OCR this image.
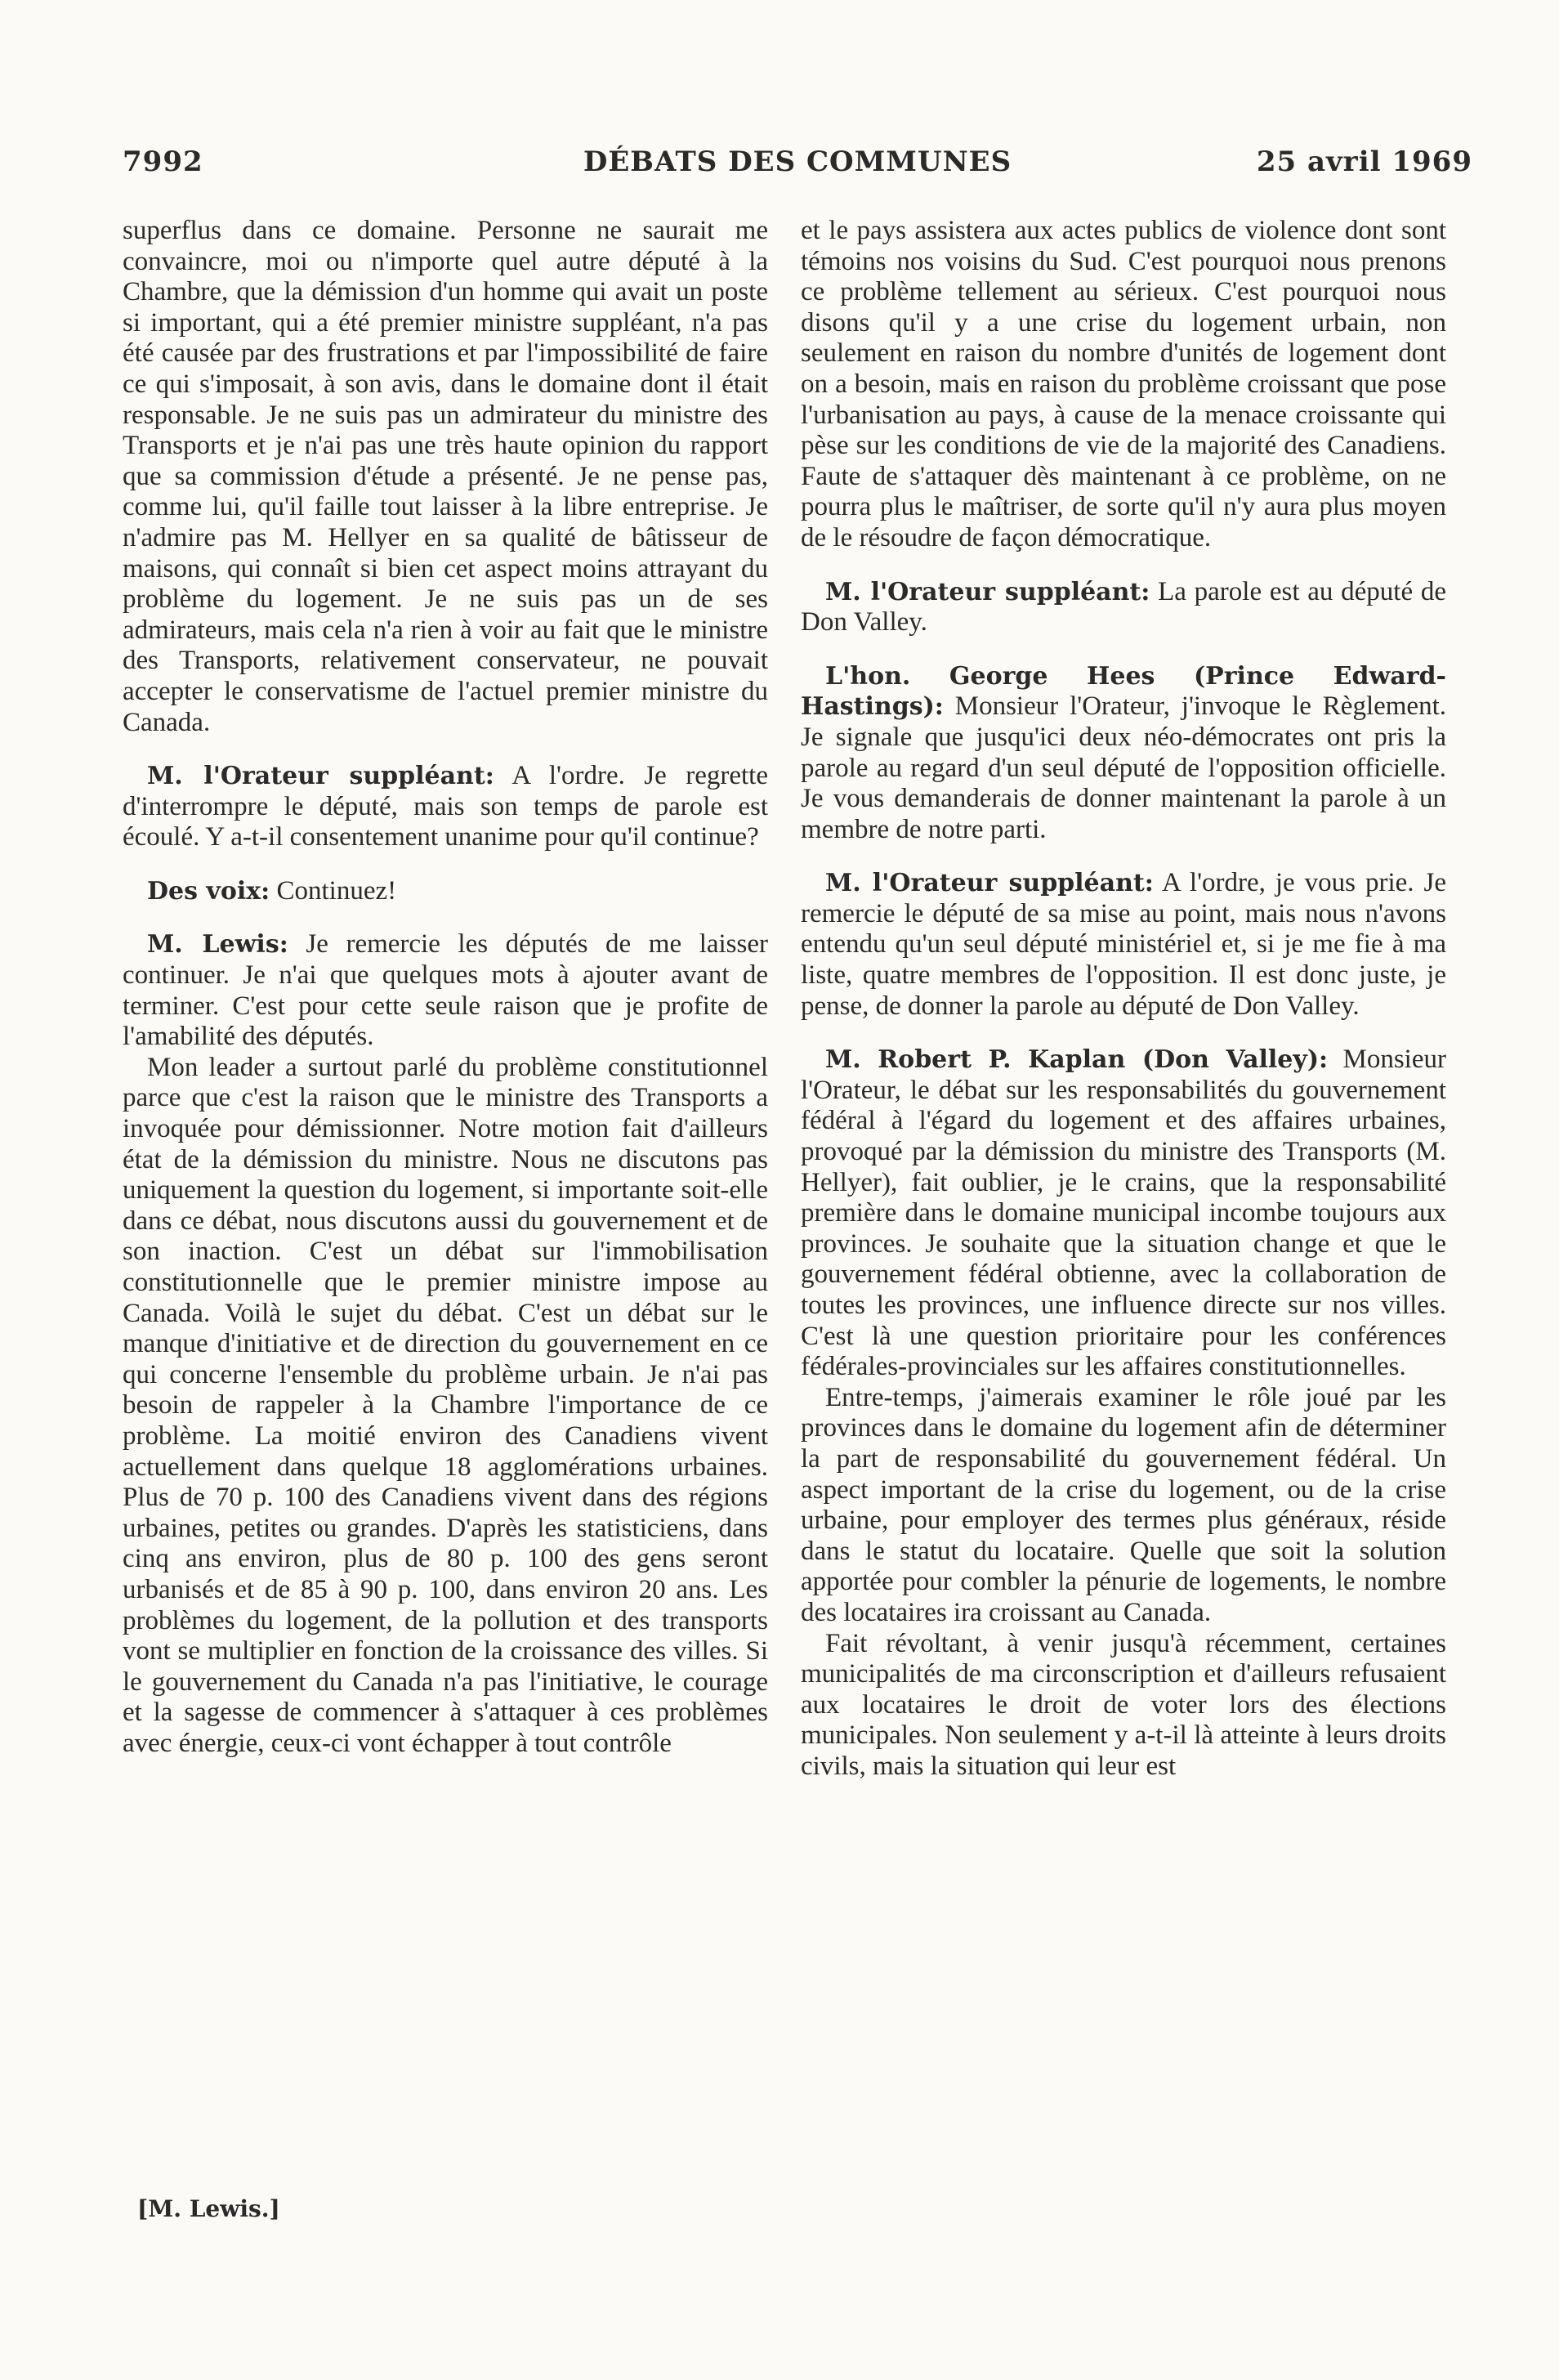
7992	DÉBATS DES COMMUNES	25 avril 1969

superflus dans ce domaine. Personne ne saurait me convaincre, moi ou n'importe quel autre député à la Chambre, que la démission d'un homme qui avait un poste si important, qui a été premier ministre suppléant, n'a pas été causée par des frustrations et par l'impossibilité de faire ce qui s'imposait, à son avis, dans le domaine dont il était responsable. Je ne suis pas un admirateur du ministre des Transports et je n'ai pas une très haute opinion du rapport que sa commission d'étude a présenté. Je ne pense pas, comme lui, qu'il faille tout laisser à la libre entreprise. Je n'admire pas M. Hellyer en sa qualité de bâtisseur de maisons, qui connaît si bien cet aspect moins attrayant du problème du logement. Je ne suis pas un de ses admirateurs, mais cela n'a rien à voir au fait que le ministre des Transports, relativement conservateur, ne pouvait accepter le conservatisme de l'actuel premier ministre du Canada.

M. l'Orateur suppléant: A l'ordre. Je regrette d'interrompre le député, mais son temps de parole est écoulé. Y a-t-il consentement unanime pour qu'il continue?

Des voix: Continuez!

M. Lewis: Je remercie les députés de me laisser continuer. Je n'ai que quelques mots à ajouter avant de terminer. C'est pour cette seule raison que je profite de l'amabilité des députés.

Mon leader a surtout parlé du problème constitutionnel parce que c'est la raison que le ministre des Transports a invoquée pour démissionner. Notre motion fait d'ailleurs état de la démission du ministre. Nous ne discutons pas uniquement la question du logement, si importante soit-elle dans ce débat, nous discutons aussi du gouvernement et de son inaction. C'est un débat sur l'immobilisation constitutionnelle que le premier ministre impose au Canada. Voilà le sujet du débat. C'est un débat sur le manque d'initiative et de direction du gouvernement en ce qui concerne l'ensemble du problème urbain. Je n'ai pas besoin de rappeler à la Chambre l'importance de ce problème. La moitié environ des Canadiens vivent actuellement dans quelque 18 agglomérations urbaines. Plus de 70 p. 100 des Canadiens vivent dans des régions urbaines, petites ou grandes. D'après les statisticiens, dans cinq ans environ, plus de 80 p. 100 des gens seront urbanisés et de 85 à 90 p. 100, dans environ 20 ans. Les problèmes du logement, de la pollution et des transports vont se multiplier en fonction de la croissance des villes. Si le gouvernement du Canada n'a pas l'initiative, le courage et la sagesse de commencer à s'attaquer à ces problèmes avec énergie, ceux-ci vont échapper à tout contrôle

et le pays assistera aux actes publics de violence dont sont témoins nos voisins du Sud. C'est pourquoi nous prenons ce problème tellement au sérieux. C'est pourquoi nous disons qu'il y a une crise du logement urbain, non seulement en raison du nombre d'unités de logement dont on a besoin, mais en raison du problème croissant que pose l'urbanisation au pays, à cause de la menace croissante qui pèse sur les conditions de vie de la majorité des Canadiens. Faute de s'attaquer dès maintenant à ce problème, on ne pourra plus le maîtriser, de sorte qu'il n'y aura plus moyen de le résoudre de façon démocratique.

M. l'Orateur suppléant: La parole est au député de Don Valley.

L'hon. George Hees (Prince Edward-Hastings): Monsieur l'Orateur, j'invoque le Règlement. Je signale que jusqu'ici deux néo-démocrates ont pris la parole au regard d'un seul député de l'opposition officielle. Je vous demanderais de donner maintenant la parole à un membre de notre parti.

M. l'Orateur suppléant: A l'ordre, je vous prie. Je remercie le député de sa mise au point, mais nous n'avons entendu qu'un seul député ministériel et, si je me fie à ma liste, quatre membres de l'opposition. Il est donc juste, je pense, de donner la parole au député de Don Valley.

M. Robert P. Kaplan (Don Valley): Monsieur l'Orateur, le débat sur les responsabilités du gouvernement fédéral à l'égard du logement et des affaires urbaines, provoqué par la démission du ministre des Transports (M. Hellyer), fait oublier, je le crains, que la responsabilité première dans le domaine municipal incombe toujours aux provinces. Je souhaite que la situation change et que le gouvernement fédéral obtienne, avec la collaboration de toutes les provinces, une influence directe sur nos villes. C'est là une question prioritaire pour les conférences fédérales-provinciales sur les affaires constitutionnelles.

Entre-temps, j'aimerais examiner le rôle joué par les provinces dans le domaine du logement afin de déterminer la part de responsabilité du gouvernement fédéral. Un aspect important de la crise du logement, ou de la crise urbaine, pour employer des termes plus généraux, réside dans le statut du locataire. Quelle que soit la solution apportée pour combler la pénurie de logements, le nombre des locataires ira croissant au Canada.

Fait révoltant, à venir jusqu'à récemment, certaines municipalités de ma circonscription et d'ailleurs refusaient aux locataires le droit de voter lors des élections municipales. Non seulement y a-t-il là atteinte à leurs droits civils, mais la situation qui leur est

[M. Lewis.]
